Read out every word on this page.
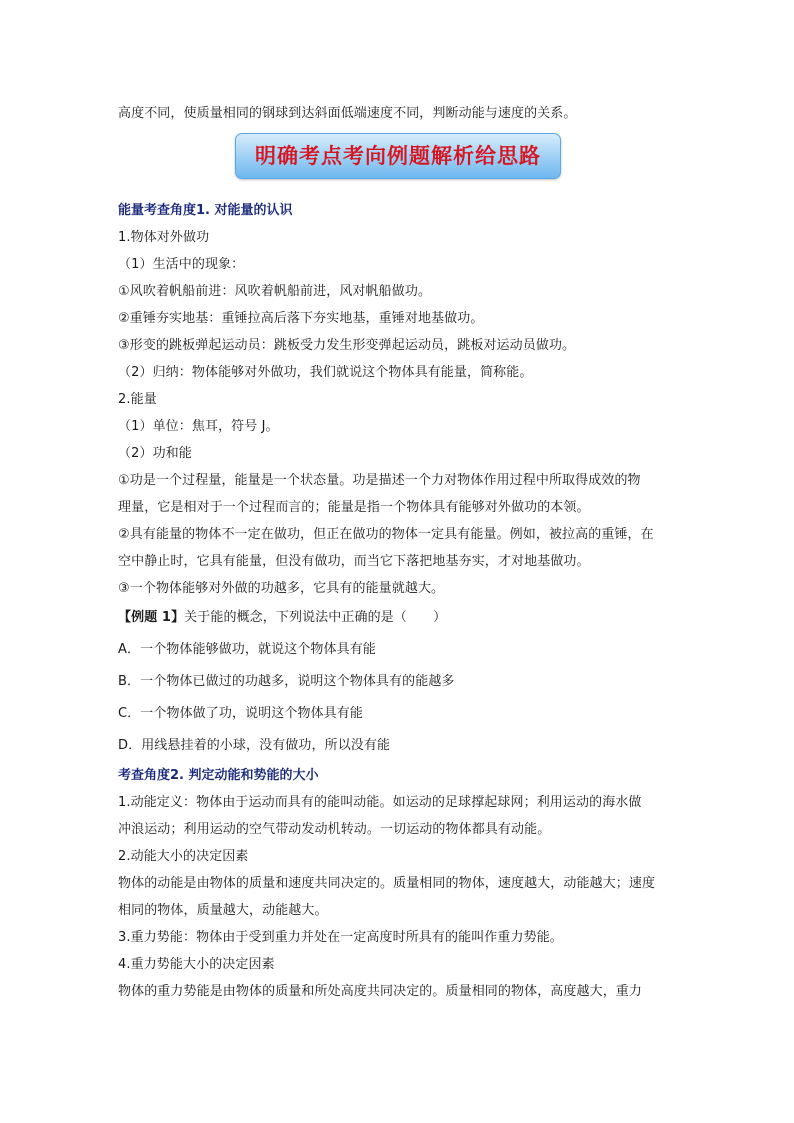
高度不同，使质量相同的钢球到达斜面低端速度不同，判断动能与速度的关系。

明确考点考向例题解析给思路
能量考查角度1. 对能量的认识

1.物体对外做功

（1）生活中的现象：

①风吹着帆船前进：风吹着帆船前进，风对帆船做功。

②重锤夯实地基：重锤拉高后落下夯实地基，重锤对地基做功。

③形变的跳板弹起运动员：跳板受力发生形变弹起运动员，跳板对运动员做功。

（2）归纳：物体能够对外做功，我们就说这个物体具有能量，简称能。

2.能量

（1）单位：焦耳，符号 J。

（2）功和能

①功是一个过程量，能量是一个状态量。功是描述一个力对物体作用过程中所取得成效的物

理量，它是相对于一个过程而言的；能量是指一个物体具有能够对外做功的本领。

②具有能量的物体不一定在做功，但正在做功的物体一定具有能量。例如，被拉高的重锤，在

空中静止时，它具有能量，但没有做功，而当它下落把地基夯实，才对地基做功。

③一个物体能够对外做的功越多，它具有的能量就越大。

【例题 1】关于能的概念，下列说法中正确的是（　　）

A．一个物体能够做功，就说这个物体具有能

B．一个物体已做过的功越多，说明这个物体具有的能越多

C．一个物体做了功，说明这个物体具有能

D．用线悬挂着的小球，没有做功，所以没有能

考查角度2. 判定动能和势能的大小

1.动能定义：物体由于运动而具有的能叫动能。如运动的足球撑起球网；利用运动的海水做

冲浪运动；利用运动的空气带动发动机转动。一切运动的物体都具有动能。

2.动能大小的决定因素

物体的动能是由物体的质量和速度共同决定的。质量相同的物体，速度越大，动能越大；速度

相同的物体，质量越大，动能越大。

3.重力势能：物体由于受到重力并处在一定高度时所具有的能叫作重力势能。

4.重力势能大小的决定因素

物体的重力势能是由物体的质量和所处高度共同决定的。质量相同的物体，高度越大，重力
